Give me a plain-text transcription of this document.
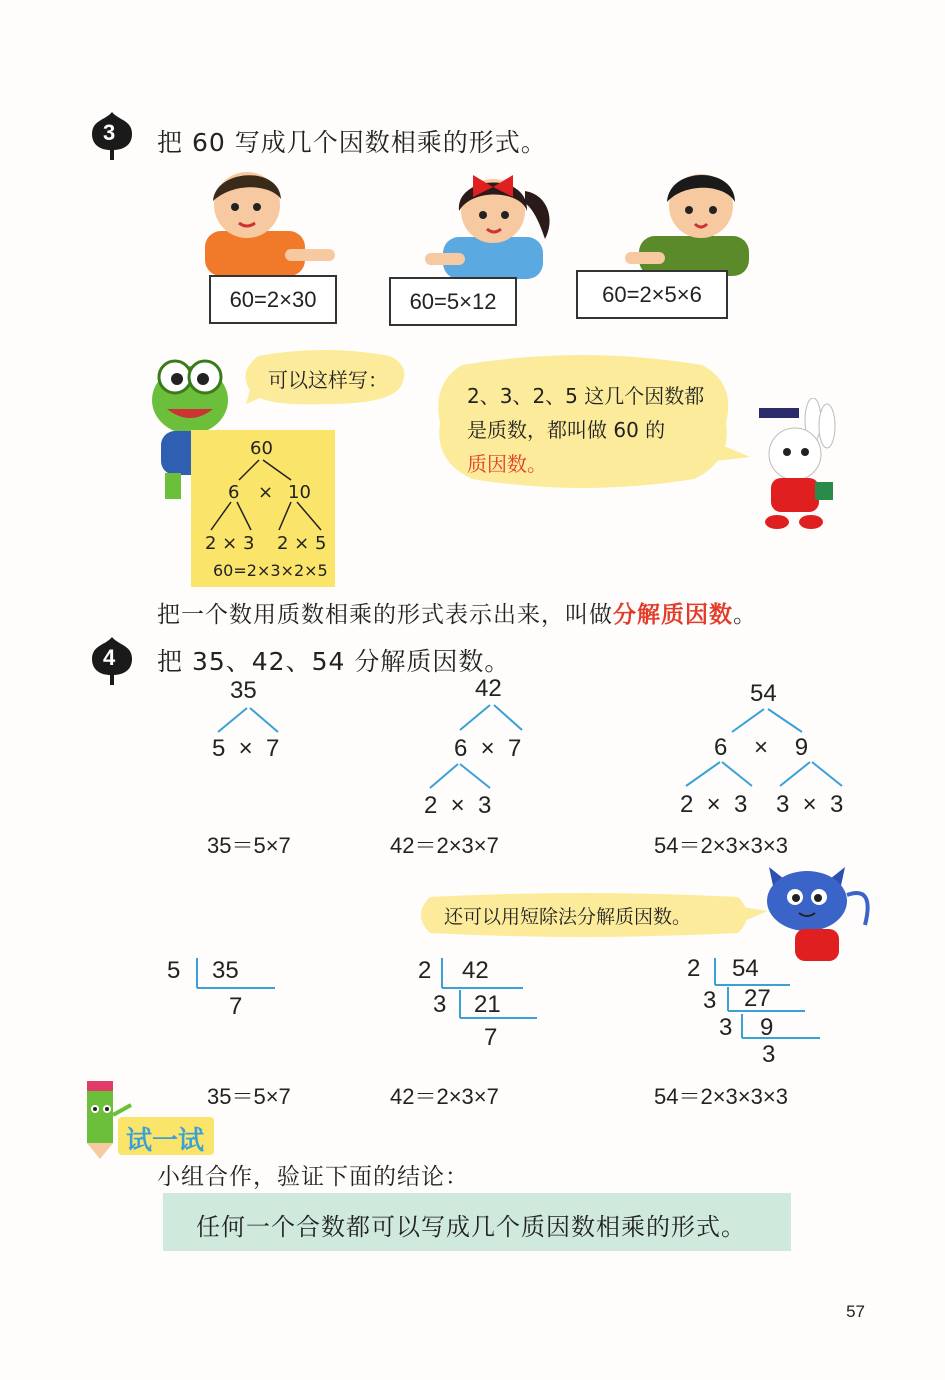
3 把 60 写成几个因数相乘的形式。
60=2×30	60=5×12	60=2×5×6
60
6 × 10
2 × 3 2 × 5
60=2×3×2×5
可以这样写：
2、3、2、5 这几个因数都
是质数，都叫做 60 的
质因数。
把一个数用质数相乘的形式表示出来，叫做分解质因数。
4 把 35、42、54 分解质因数。
35
5  ×  7
35＝5×7
42
6  ×  7
2  ×  3
42＝2×3×7
54
6    ×    9
2  ×  3 3  ×  3
54＝2×3×3×3
还可以用短除法分解质因数。
5 35
7
35＝5×7
2 42
3 21
7
42＝2×3×7
2 54
3 27
3 9
3
54＝2×3×3×3
试一试
小组合作，验证下面的结论：
任何一个合数都可以写成几个质因数相乘的形式。
57
